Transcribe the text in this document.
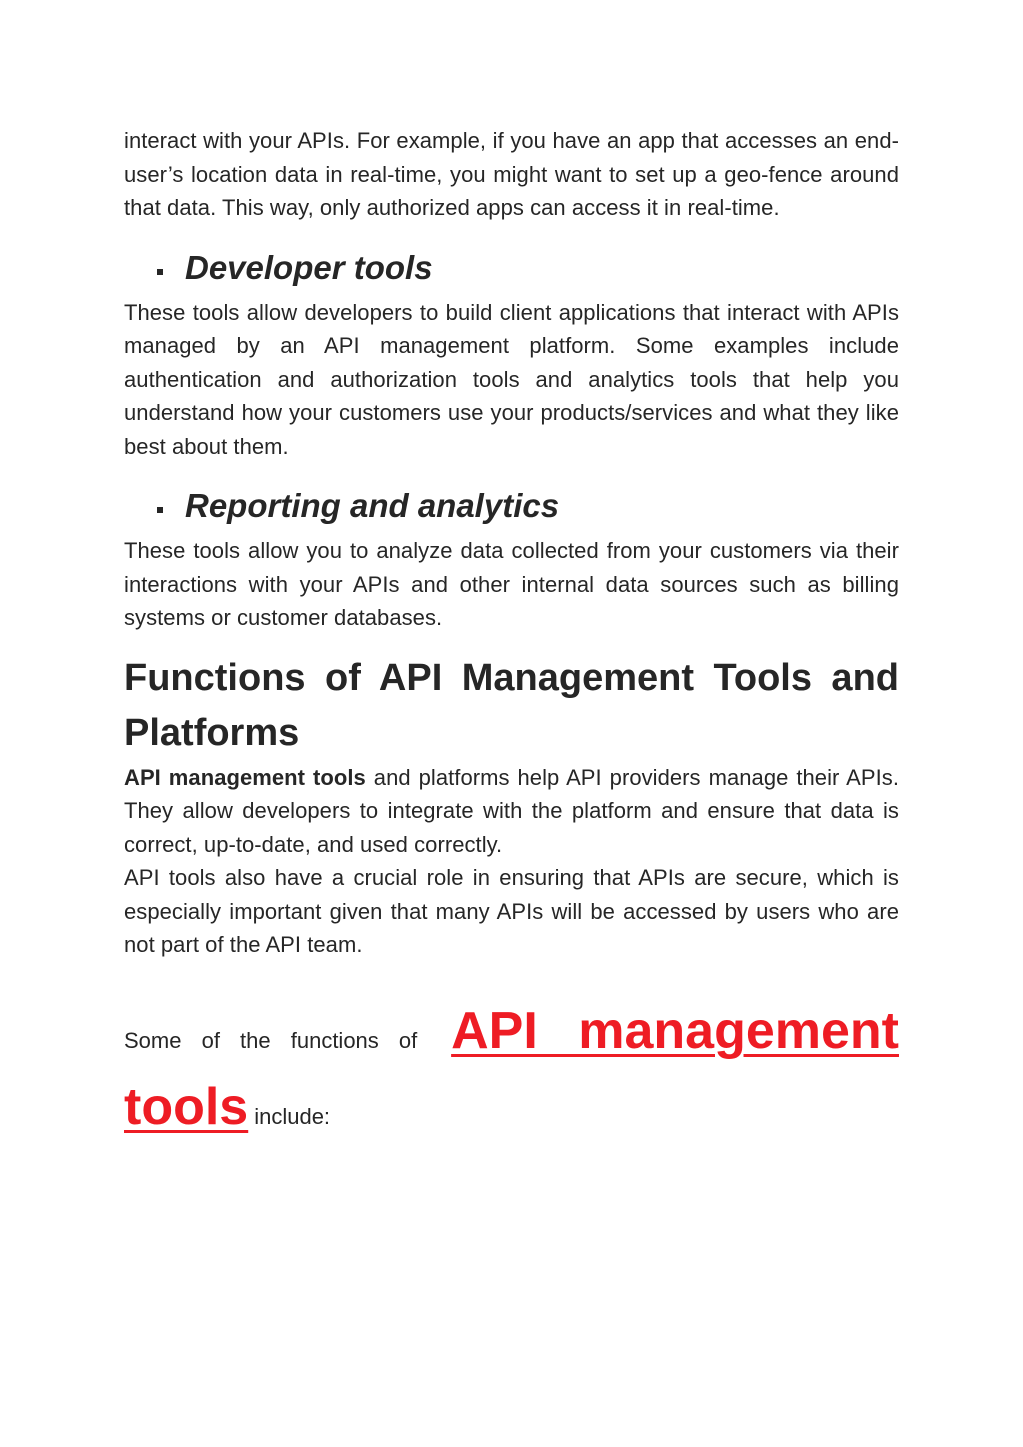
interact with your APIs. For example, if you have an app that accesses an end-user’s location data in real-time, you might want to set up a geo-fence around that data. This way, only authorized apps can access it in real-time.

Developer tools

These tools allow developers to build client applications that interact with APIs managed by an API management platform. Some examples include authentication and authorization tools and analytics tools that help you understand how your customers use your products/services and what they like best about them.

Reporting and analytics

These tools allow you to analyze data collected from your customers via their interactions with your APIs and other internal data sources such as billing systems or customer databases.

Functions of API Management Tools and Platforms

API management tools and platforms help API providers manage their APIs. They allow developers to integrate with the platform and ensure that data is correct, up-to-date, and used correctly.

API tools also have a crucial role in ensuring that APIs are secure, which is especially important given that many APIs will be accessed by users who are not part of the API team.

Some of the functions of API management
tools include:
